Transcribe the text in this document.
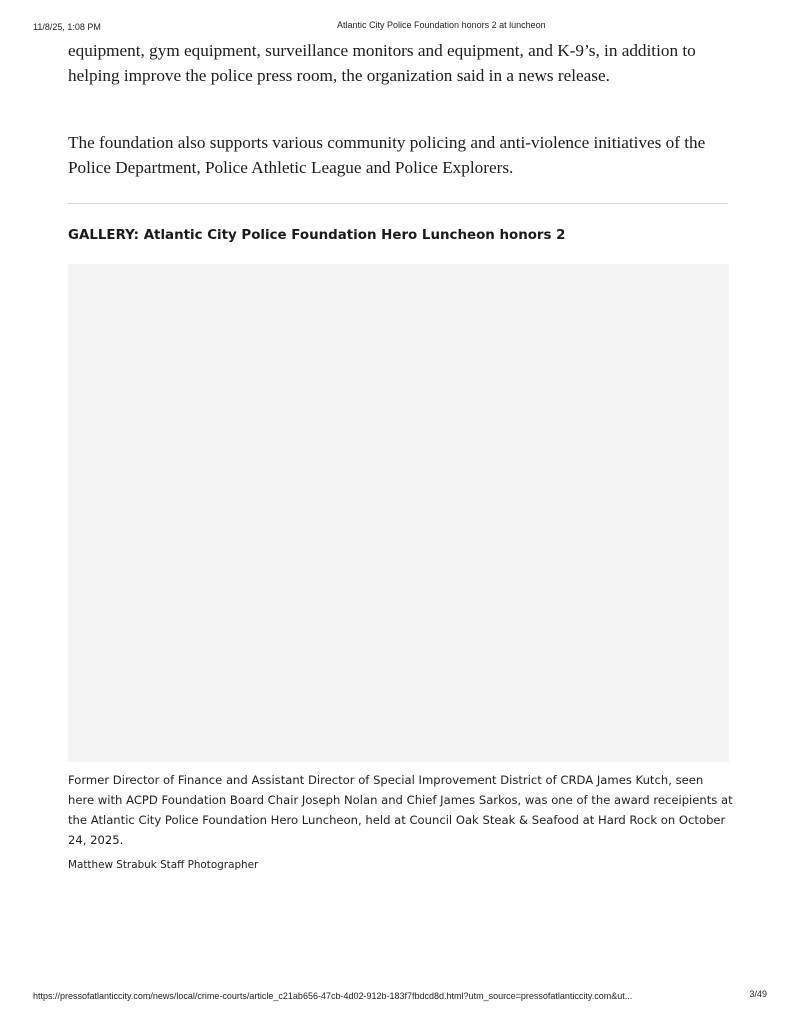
11/8/25, 1:08 PM	Atlantic City Police Foundation honors 2 at luncheon

equipment, gym equipment, surveillance monitors and equipment, and K-9’s, in addition to helping improve the police press room, the organization said in a news release.

The foundation also supports various community policing and anti-violence initiatives of the Police Department, Police Athletic League and Police Explorers.

GALLERY: Atlantic City Police Foundation Hero Luncheon honors 2

Former Director of Finance and Assistant Director of Special Improvement District of CRDA James Kutch, seen here with ACPD Foundation Board Chair Joseph Nolan and Chief James Sarkos, was one of the award receipients at the Atlantic City Police Foundation Hero Luncheon, held at Council Oak Steak & Seafood at Hard Rock on October 24, 2025.

Matthew Strabuk Staff Photographer
https://pressofatlanticcity.com/news/local/crime-courts/article_c21ab656-47cb-4d02-912b-183f7fbdcd8d.html?utm_source=pressofatlanticcity.com&ut...	3/49
